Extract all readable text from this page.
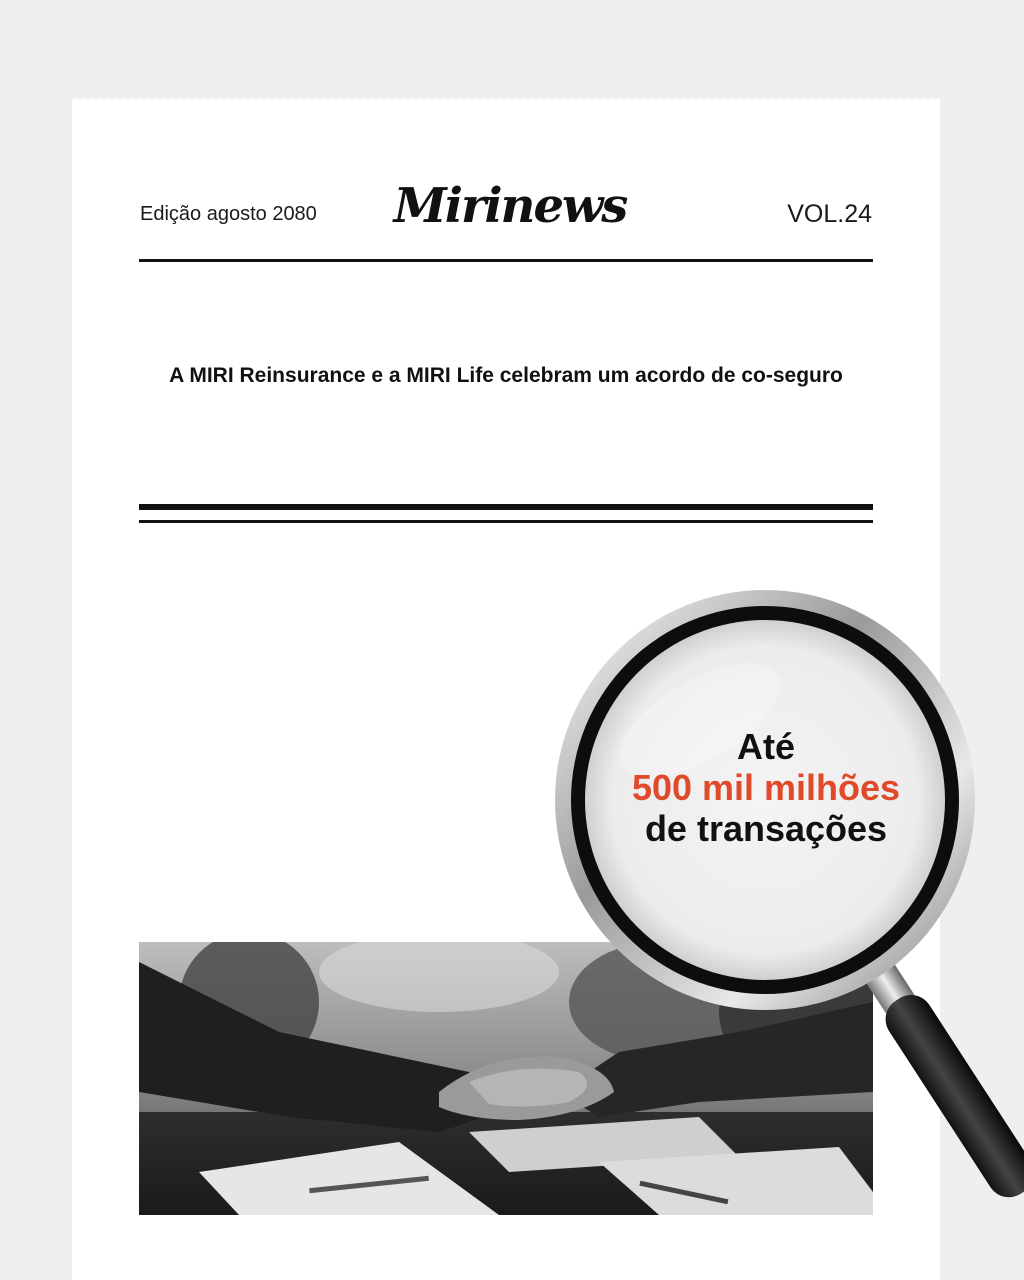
Edição agosto 2080 Mirinews	VOL.24
A MIRI Reinsurance e a MIRI Life celebram um acordo de co-seguro
Até
500 mil milhões
de transações
